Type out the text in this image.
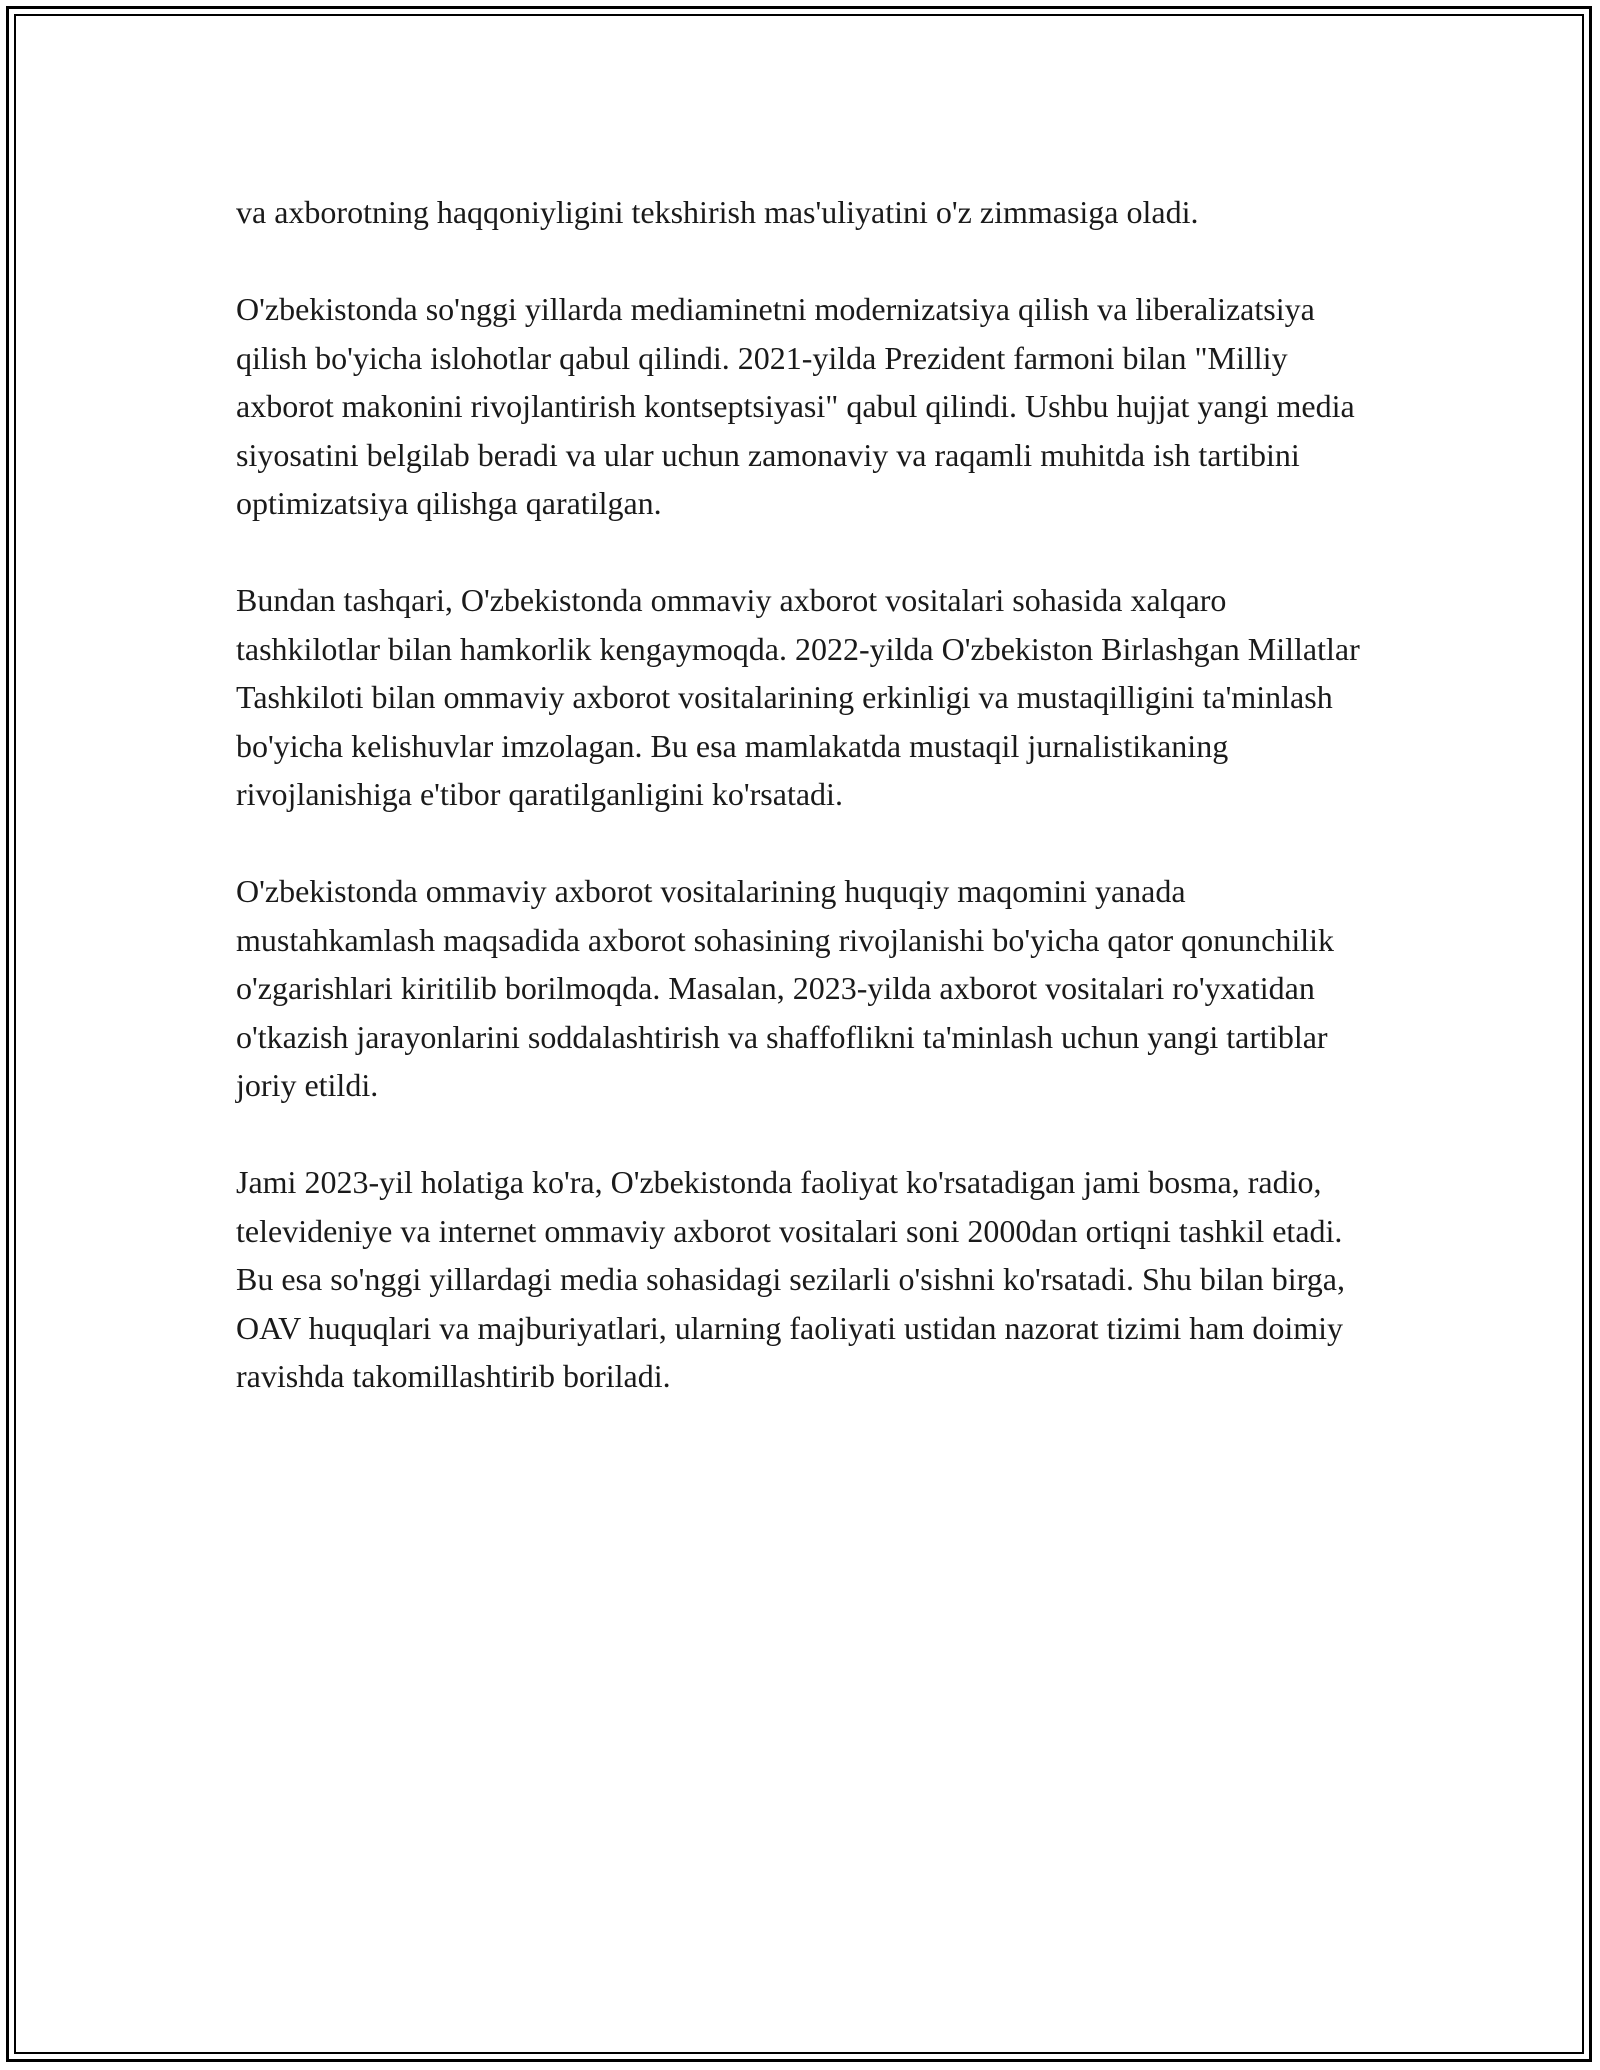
va axborotning haqqoniyligini tekshirish mas'uliyatini o'z zimmasiga oladi.

O'zbekistonda so'nggi yillarda mediaminetni modernizatsiya qilish va liberalizatsiya qilish bo'yicha islohotlar qabul qilindi. 2021-yilda Prezident farmoni bilan "Milliy axborot makonini rivojlantirish kontseptsiyasi" qabul qilindi. Ushbu hujjat yangi media siyosatini belgilab beradi va ular uchun zamonaviy va raqamli muhitda ish tartibini optimizatsiya qilishga qaratilgan.

Bundan tashqari, O'zbekistonda ommaviy axborot vositalari sohasida xalqaro tashkilotlar bilan hamkorlik kengaymoqda. 2022-yilda O'zbekiston Birlashgan Millatlar Tashkiloti bilan ommaviy axborot vositalarining erkinligi va mustaqilligini ta'minlash bo'yicha kelishuvlar imzolagan. Bu esa mamlakatda mustaqil jurnalistikaning rivojlanishiga e'tibor qaratilganligini ko'rsatadi.

O'zbekistonda ommaviy axborot vositalarining huquqiy maqomini yanada mustahkamlash maqsadida axborot sohasining rivojlanishi bo'yicha qator qonunchilik o'zgarishlari kiritilib borilmoqda. Masalan, 2023-yilda axborot vositalari ro'yxatidan o'tkazish jarayonlarini soddalashtirish va shaffoflikni ta'minlash uchun yangi tartiblar joriy etildi.

Jami 2023-yil holatiga ko'ra, O'zbekistonda faoliyat ko'rsatadigan jami bosma, radio, televideniye va internet ommaviy axborot vositalari soni 2000dan ortiqni tashkil etadi. Bu esa so'nggi yillardagi media sohasidagi sezilarli o'sishni ko'rsatadi. Shu bilan birga, OAV huquqlari va majburiyatlari, ularning faoliyati ustidan nazorat tizimi ham doimiy ravishda takomillashtirib boriladi.
